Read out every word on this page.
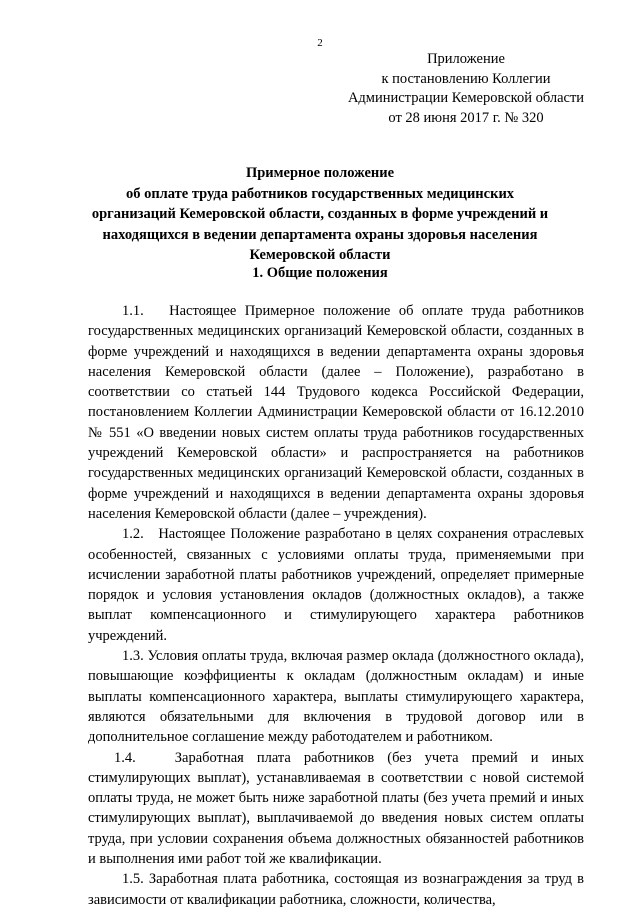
2
Приложение
к постановлению Коллегии
Администрации Кемеровской области
от 28 июня 2017 г. № 320
Примерное положение
об оплате труда работников государственных медицинских
организаций Кемеровской области, созданных в форме учреждений и
находящихся в ведении департамента охраны здоровья населения
Кемеровской области
1. Общие положения

1.1. Настоящее Примерное положение об оплате труда работников государственных медицинских организаций Кемеровской области, созданных в форме учреждений и находящихся в ведении департамента охраны здоровья населения Кемеровской области (далее – Положение), разработано в соответствии со статьей 144 Трудового кодекса Российской Федерации, постановлением Коллегии Администрации Кемеровской области от 16.12.2010 № 551 «О введении новых систем оплаты труда работников государственных учреждений Кемеровской области» и распространяется на работников государственных медицинских организаций Кемеровской области, созданных в форме учреждений и находящихся в ведении департамента охраны здоровья населения Кемеровской области (далее – учреждения).

1.2. Настоящее Положение разработано в целях сохранения отраслевых особенностей, связанных с условиями оплаты труда, применяемыми при исчислении заработной платы работников учреждений, определяет примерные порядок и условия установления окладов (должностных окладов), а также выплат компенсационного и стимулирующего характера работников учреждений.

1.3. Условия оплаты труда, включая размер оклада (должностного оклада), повышающие коэффициенты к окладам (должностным окладам) и иные выплаты компенсационного характера, выплаты стимулирующего характера, являются обязательными для включения в трудовой договор или в дополнительное соглашение между работодателем и работником.

1.4.	Заработная плата работников (без учета премий и иных стимулирующих выплат), устанавливаемая в соответствии с новой системой оплаты труда, не может быть ниже заработной платы (без учета премий и иных стимулирующих выплат), выплачиваемой до введения новых систем оплаты труда, при условии сохранения объема должностных обязанностей работников и выполнения ими работ той же квалификации.

1.5. Заработная плата работника, состоящая из вознаграждения за труд в зависимости от квалификации работника, сложности, количества,
